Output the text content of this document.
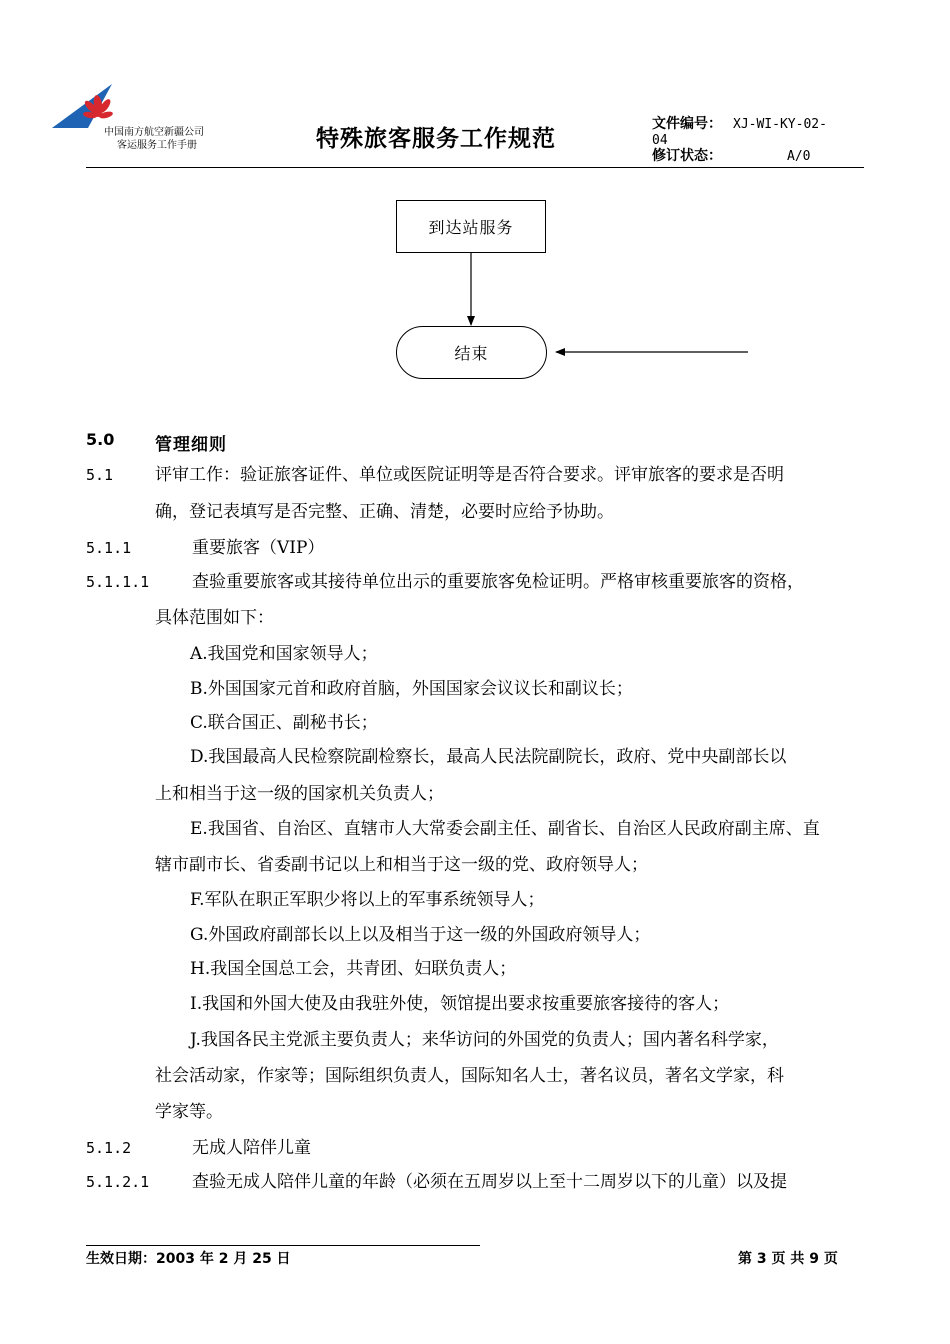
中国南方航空新疆公司
客运服务工作手册	特殊旅客服务工作规范
文件编号： XJ-WI-KY-02-
04
修订状态：	A/0
到达站服务
结束
5.0 管理细则
5.1 评审工作：验证旅客证件、单位或医院证明等是否符合要求。评审旅客的要求是否明
确，登记表填写是否完整、正确、清楚，必要时应给予协助。
5.1.1	重要旅客（VIP）
5.1.1.1	查验重要旅客或其接待单位出示的重要旅客免检证明。严格审核重要旅客的资格，
具体范围如下：
A.我国党和国家领导人；
B.外国国家元首和政府首脑，外国国家会议议长和副议长；
C.联合国正、副秘书长；
D.我国最高人民检察院副检察长，最高人民法院副院长，政府、党中央副部长以
上和相当于这一级的国家机关负责人；
E.我国省、自治区、直辖市人大常委会副主任、副省长、自治区人民政府副主席、直
辖市副市长、省委副书记以上和相当于这一级的党、政府领导人；
F.军队在职正军职少将以上的军事系统领导人；
G.外国政府副部长以上以及相当于这一级的外国政府领导人；
H.我国全国总工会，共青团、妇联负责人；
I.我国和外国大使及由我驻外使，领馆提出要求按重要旅客接待的客人；
J.我国各民主党派主要负责人；来华访问的外国党的负责人；国内著名科学家，
社会活动家，作家等；国际组织负责人，国际知名人士，著名议员，著名文学家，科
学家等。
5.1.2	无成人陪伴儿童
5.1.2.1	查验无成人陪伴儿童的年龄（必须在五周岁以上至十二周岁以下的儿童）以及提
生效日期：2003 年 2 月 25 日	第 3 页 共 9 页
